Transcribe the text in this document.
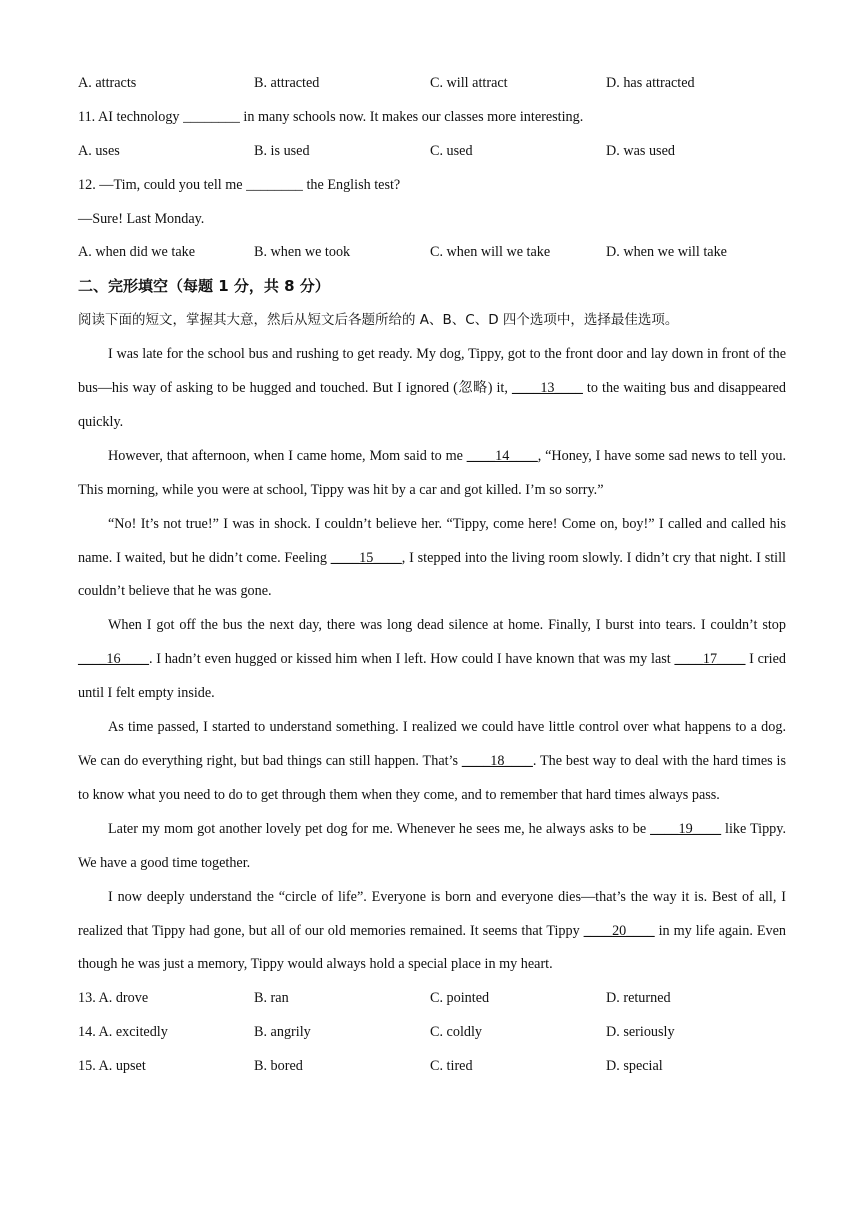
A. attracts	B. attracted	C. will attract	D. has attracted
11. AI technology ________ in many schools now. It makes our classes more interesting.
A. uses	B. is used	C. used	D. was used
12. —Tim, could you tell me ________ the English test?
—Sure! Last Monday.
A. when did we take	B. when we took	C. when will we take	D. when we will take
二、完形填空（每题 1 分，共 8 分）
阅读下面的短文，掌握其大意，然后从短文后各题所给的 A、B、C、D 四个选项中，选择最佳选项。

I was late for the school bus and rushing to get ready. My dog, Tippy, got to the front door and lay down in front of the bus—his way of asking to be hugged and touched. But I ignored (忽略) it, ____13____ to the waiting bus and disappeared quickly.

However, that afternoon, when I came home, Mom said to me ____14____, “Honey, I have some sad news to tell you. This morning, while you were at school, Tippy was hit by a car and got killed. I’m so sorry.”

“No! It’s not true!” I was in shock. I couldn’t believe her. “Tippy, come here! Come on, boy!” I called and called his name. I waited, but he didn’t come. Feeling ____15____, I stepped into the living room slowly. I didn’t cry that night. I still couldn’t believe that he was gone.

When I got off the bus the next day, there was long dead silence at home. Finally, I burst into tears. I couldn’t stop ____16____. I hadn’t even hugged or kissed him when I left. How could I have known that was my last ____17____ I cried until I felt empty inside.

As time passed, I started to understand something. I realized we could have little control over what happens to a dog. We can do everything right, but bad things can still happen. That’s ____18____. The best way to deal with the hard times is to know what you need to do to get through them when they come, and to remember that hard times always pass.

Later my mom got another lovely pet dog for me. Whenever he sees me, he always asks to be ____19____ like Tippy. We have a good time together.

I now deeply understand the “circle of life”. Everyone is born and everyone dies—that’s the way it is. Best of all, I realized that Tippy had gone, but all of our old memories remained. It seems that Tippy ____20____ in my life again. Even though he was just a memory, Tippy would always hold a special place in my heart.

13. A. drove	B. ran	C. pointed	D. returned
14. A. excitedly	B. angrily	C. coldly	D. seriously
15. A. upset	B. bored	C. tired	D. special
